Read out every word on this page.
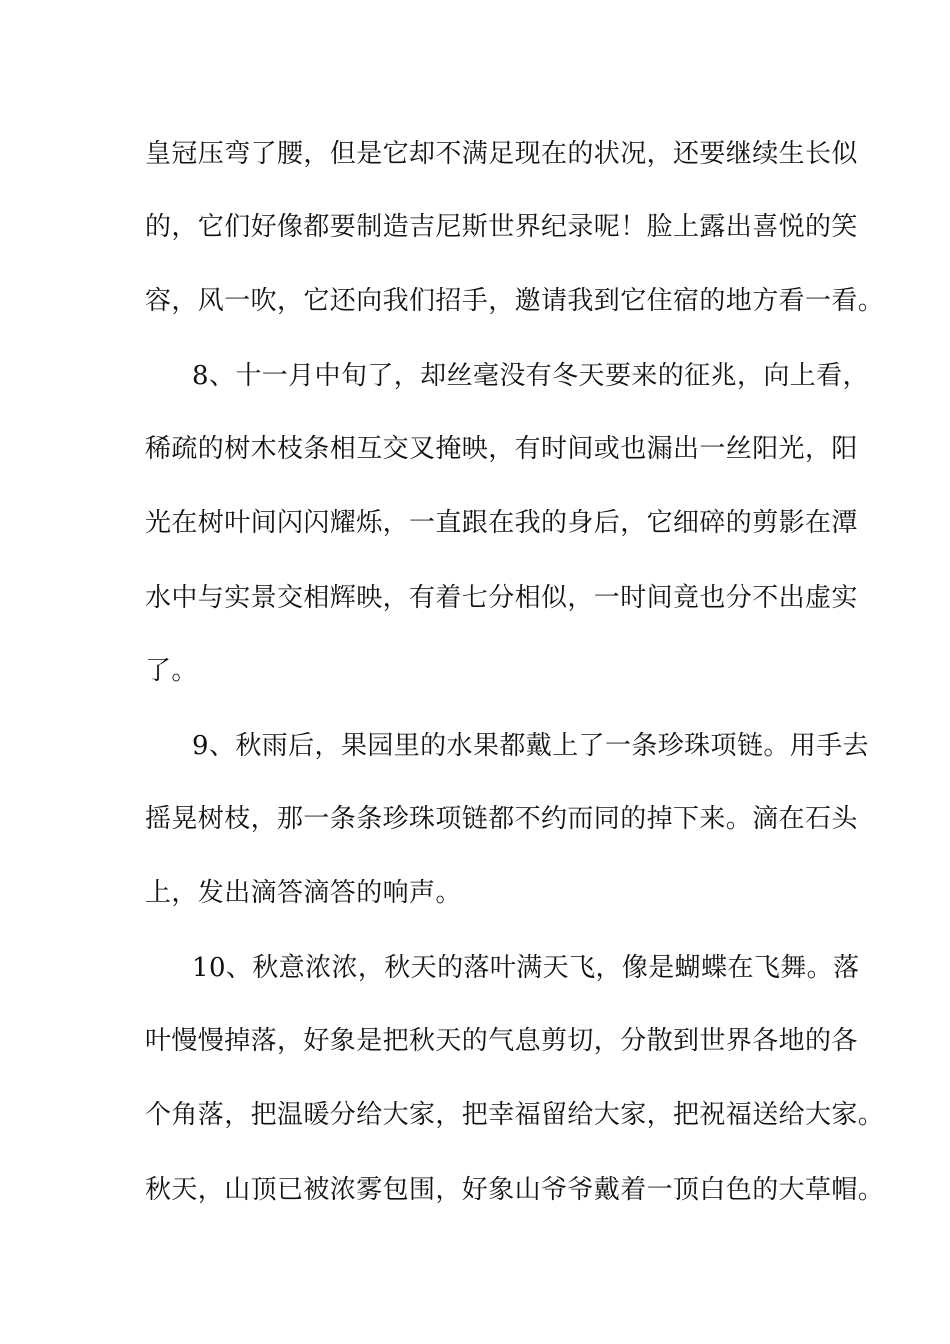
皇冠压弯了腰，但是它却不满足现在的状况，还要继续生长似
的，它们好像都要制造吉尼斯世界纪录呢！脸上露出喜悦的笑
容，风一吹，它还向我们招手，邀请我到它住宿的地方看一看。
8、十一月中旬了，却丝毫没有冬天要来的征兆，向上看，
稀疏的树木枝条相互交叉掩映，有时间或也漏出一丝阳光，阳
光在树叶间闪闪耀烁，一直跟在我的身后，它细碎的剪影在潭
水中与实景交相辉映，有着七分相似，一时间竟也分不出虚实
了。
9、秋雨后，果园里的水果都戴上了一条珍珠项链。用手去
摇晃树枝，那一条条珍珠项链都不约而同的掉下来。滴在石头
上，发出滴答滴答的响声。
10、秋意浓浓，秋天的落叶满天飞，像是蝴蝶在飞舞。落
叶慢慢掉落，好象是把秋天的气息剪切，分散到世界各地的各
个角落，把温暖分给大家，把幸福留给大家，把祝福送给大家。
秋天，山顶已被浓雾包围，好象山爷爷戴着一顶白色的大草帽。
